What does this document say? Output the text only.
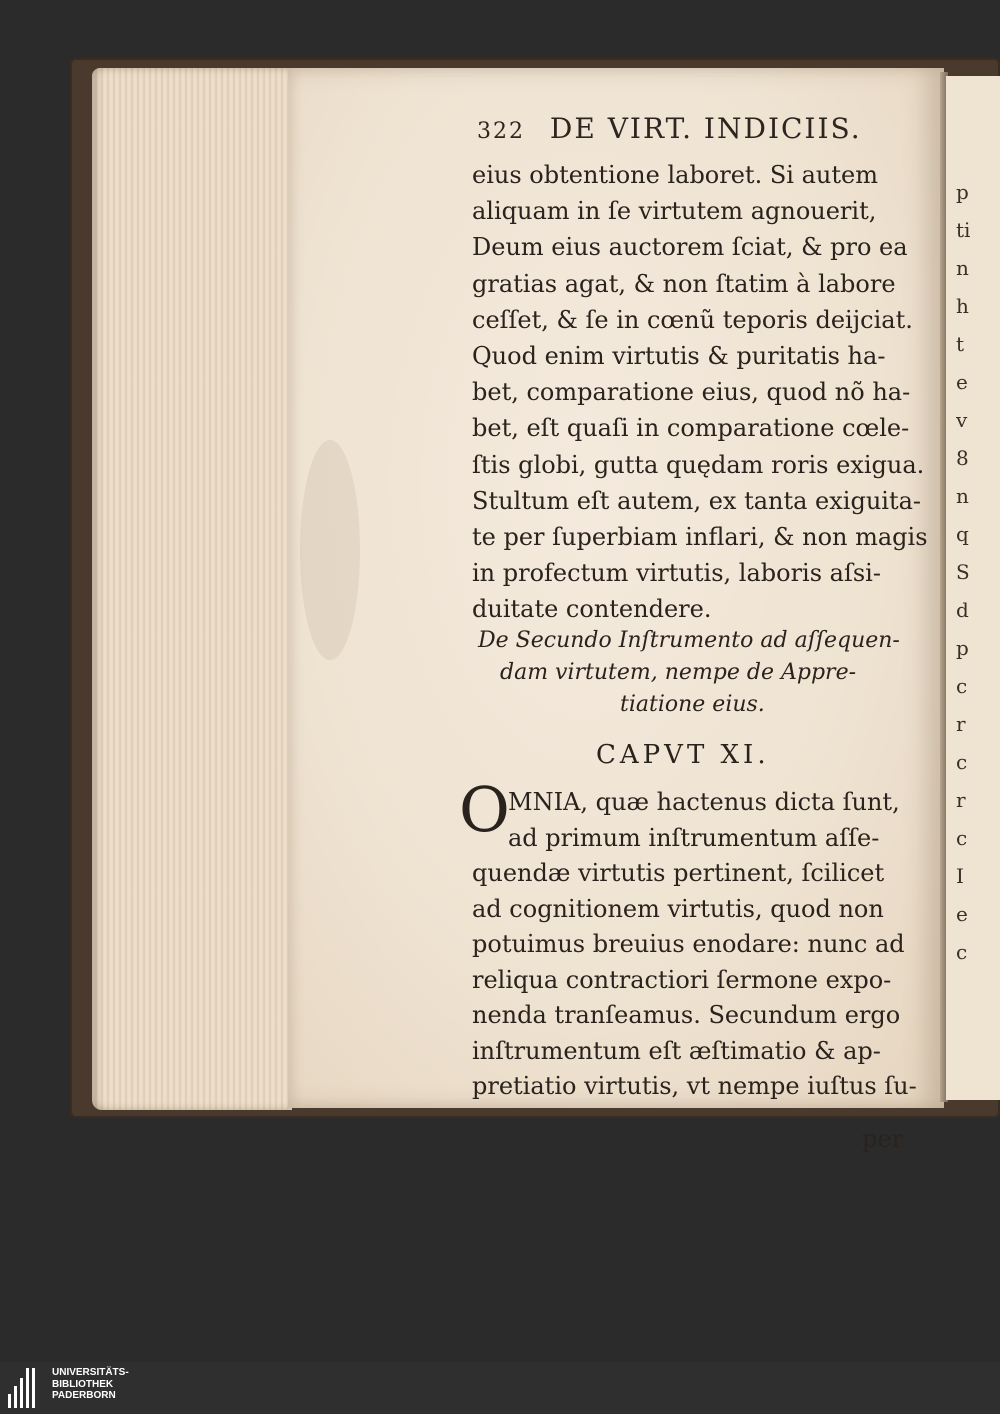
p
ti
n
h
t
e
v
8
n
q
S
d
p
c
r
c
r
c
I
e
c
322 DE VIRT. INDICIIS.
eius obtentione laboret. Si autem
aliquam in ſe virtutem agnouerit,
Deum eius auctorem ſciat, & pro ea
gratias agat, & non ſtatim à labore
ceſſet, & ſe in cœnũ teporis deijciat.
Quod enim virtutis & puritatis ha-
bet, comparatione eius, quod nõ ha-
bet, eſt quaſi in comparatione cœle-
ſtis globi, gutta quędam roris exigua.
Stultum eſt autem, ex tanta exiguita-
te per ſuperbiam inflari, & non magis
in profectum virtutis, laboris aſsi-
duitate contendere.
De Secundo Inſtrumento ad aſſequen-
dam virtutem, nempe de Appre-
tiatione eius.
CAPVT XI.
O
MNIA, quæ hactenus dicta ſunt,
ad primum inſtrumentum aſſe-
quendæ virtutis pertinent, ſcilicet
ad cognitionem virtutis, quod non
potuimus breuius enodare: nunc ad
reliqua contractiori ſermone expo-
nenda tranſeamus. Secundum ergo
inſtrumentum eſt æſtimatio & ap-
pretiatio virtutis, vt nempe iuſtus ſu-
per
UNIVERSITÄTS-
BIBLIOTHEK
PADERBORN
